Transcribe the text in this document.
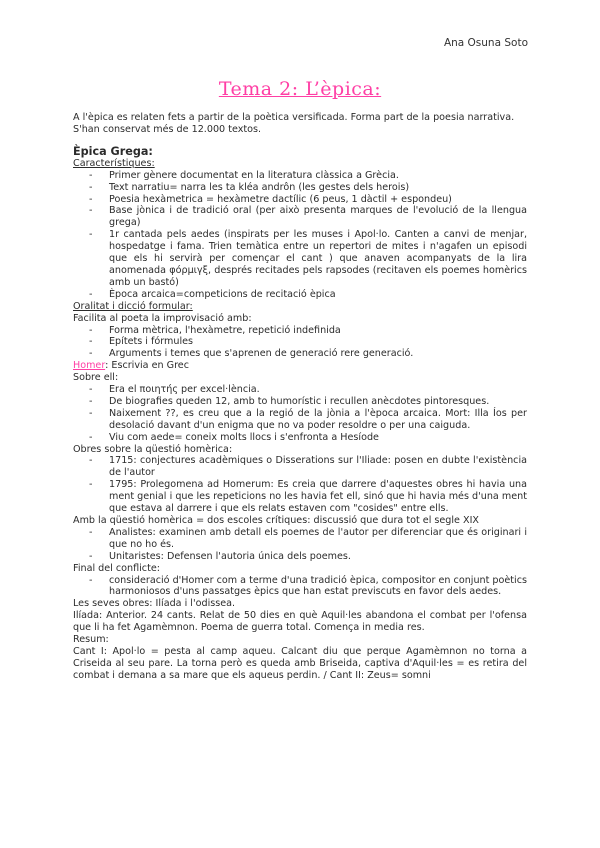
Ana Osuna Soto
Tema 2: L’èpica:

A l'èpica es relaten fets a partir de la poètica versificada. Forma part de la poesia narrativa.

S'han conservat més de 12.000 textos.

Èpica Grega:
Característiques:
- Primer gènere documentat en la literatura clàssica a Grècia.
- Text narratiu= narra les ta kléa andrôn (les gestes dels herois)
- Poesia hexàmetrica = hexàmetre dactílic (6 peus, 1 dàctil + espondeu)
- Base jònica i de tradició oral (per això presenta marques de l'evolució de la llengua grega)
- 1r cantada pels aedes (inspirats per les muses i Apol·lo. Canten a canvi de menjar, hospedatge i fama. Trien temàtica entre un repertori de mites i n'agafen un episodi que els hi servirà per començar el cant ) que anaven acompanyats de la lira anomenada φόρμιγξ, després recitades pels rapsodes (recitaven els poemes homèrics amb un bastó)
- Època arcaica=competicions de recitació èpica
Oralitat i dicció formular:
Facilita al poeta la improvisació amb:
- Forma mètrica, l'hexàmetre, repetició indefinida
- Epítets i fórmules
- Arguments i temes que s'aprenen de generació rere generació.
Homer: Escrivia en Grec
Sobre ell:
- Era el ποιητής per excel·lència.
- De biografies queden 12, amb to humorístic i recullen anècdotes pintoresques.
- Naixement ??, es creu que a la regió de la jònia a l'època arcaica. Mort: Illa Íos per desolació davant d'un enigma que no va poder resoldre o per una caiguda.
- Viu com aede= coneix molts llocs i s'enfronta a Hesíode
Obres sobre la qüestió homèrica:
- 1715: conjectures acadèmiques o Disserations sur l'Iliade: posen en dubte l'existència de l'autor
- 1795: Prolegomena ad Homerum: Es creia que darrere d'aquestes obres hi havia una ment genial i que les repeticions no les havia fet ell, sinó que hi havia més d'una ment que estava al darrere i que els relats estaven com "cosides" entre ells.
Amb la qüestió homèrica = dos escoles crítiques: discussió que dura tot el segle XIX
- Analistes: examinen amb detall els poemes de l'autor per diferenciar que és originari i que no ho és.
- Unitaristes: Defensen l'autoria única dels poemes.
Final del conflicte:
- consideració d'Homer com a terme d'una tradició èpica, compositor en conjunt poètics harmoniosos d'uns passatges èpics que han estat previscuts en favor dels aedes.

Les seves obres: Ilíada i l'odissea.

Ilíada: Anterior. 24 cants. Relat de 50 dies en què Aquil·les abandona el combat per l'ofensa que li ha fet Agamèmnon. Poema de guerra total. Comença in media res.

Resum:

Cant I: Apol·lo = pesta al camp aqueu. Calcant diu que perque Agamèmnon no torna a Criseida al seu pare. La torna però es queda amb Briseida, captiva d'Aquil·les = es retira del combat i demana a sa mare que els aqueus perdin. / Cant II: Zeus= somni
